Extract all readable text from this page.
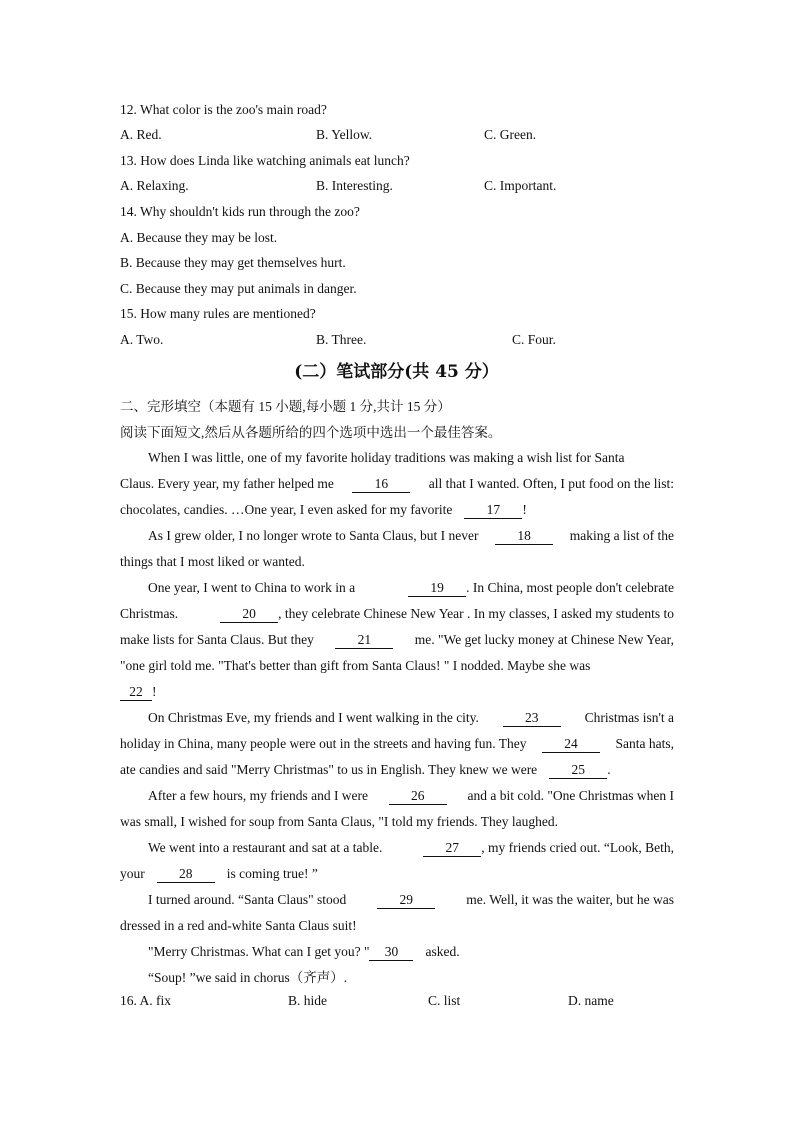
12. What color is the zoo's main road?
A. Red.	B. Yellow.	C. Green.
13. How does Linda like watching animals eat lunch?
A. Relaxing.	B. Interesting.	C. Important.
14. Why shouldn't kids run through the zoo?
A. Because they may be lost.
B. Because they may get themselves hurt.
C. Because they may put animals in danger.
15. How many rules are mentioned?
A. Two.	B. Three.	C. Four.
(二）笔试部分(共 45 分）
二、完形填空（本题有 15 小题,每小题 1 分,共计 15 分）
阅读下面短文,然后从各题所给的四个选项中选出一个最佳答案。
When I was little, one of my favorite holiday traditions was making a wish list for Santa
Claus. Every year, my father helped me	16	all that I wanted. Often, I put food on the list:
chocolates, candies. …One year, I even asked for my favorite	17	!
As I grew older, I no longer wrote to Santa Claus, but I never	18	making a list of the
things that I most liked or wanted.
One year, I went to China to work in a	19	. In China, most people don't celebrate
Christmas.	20	, they celebrate Chinese New Year . In my classes, I asked my students to
make lists for Santa Claus. But they	21	me. "We get lucky money at Chinese New Year,
"one girl told me. "That's better than gift from Santa Claus! " I nodded. Maybe she was
22 !
On Christmas Eve, my friends and I went walking in the city.	23	Christmas isn't a
holiday in China, many people were out in the streets and having fun. They	24	Santa hats,
ate candies and said "Merry Christmas" to us in English. They knew we were	25	.
After a few hours, my friends and I were	26	and a bit cold. "One Christmas when I
was small, I wished for soup from Santa Claus, "I told my friends. They laughed.
We went into a restaurant and sat at a table.	27	, my friends cried out. “Look, Beth,
your	28	is coming true! ”
I turned around. “Santa Claus" stood	29	me. Well, it was the waiter, but he was
dressed in a red and-white Santa Claus suit!
"Merry Christmas. What can I get you? "	30	asked.
“Soup! ”we said in chorus（齐声）.
16. A. fix	B. hide	C. list	D. name
